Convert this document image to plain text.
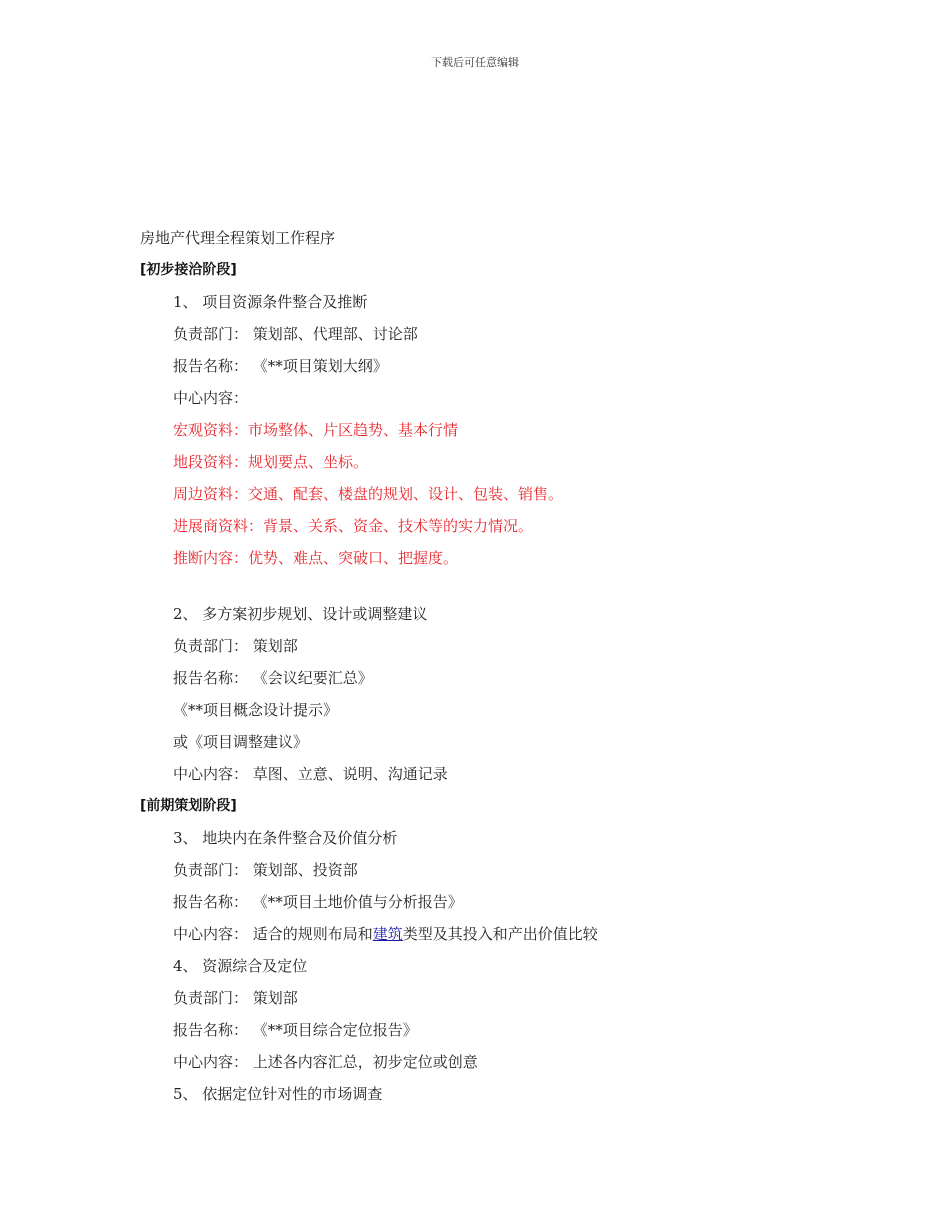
下载后可任意编辑
房地产代理全程策划工作程序
[初步接洽阶段]
1、 项目资源条件整合及推断
负责部门： 策划部、代理部、讨论部
报告名称： 《**项目策划大纲》
中心内容：
宏观资料：市场整体、片区趋势、基本行情
地段资料：规划要点、坐标。
周边资料：交通、配套、楼盘的规划、设计、包装、销售。
进展商资料：背景、关系、资金、技术等的实力情况。
推断内容：优势、难点、突破口、把握度。
2、 多方案初步规划、设计或调整建议
负责部门： 策划部
报告名称： 《会议纪要汇总》
《**项目概念设计提示》
或《项目调整建议》
中心内容： 草图、立意、说明、沟通记录
[前期策划阶段]
3、 地块内在条件整合及价值分析
负责部门： 策划部、投资部
报告名称： 《**项目土地价值与分析报告》
中心内容： 适合的规则布局和建筑类型及其投入和产出价值比较
4、 资源综合及定位
负责部门： 策划部
报告名称： 《**项目综合定位报告》
中心内容： 上述各内容汇总，初步定位或创意
5、 依据定位针对性的市场调查
